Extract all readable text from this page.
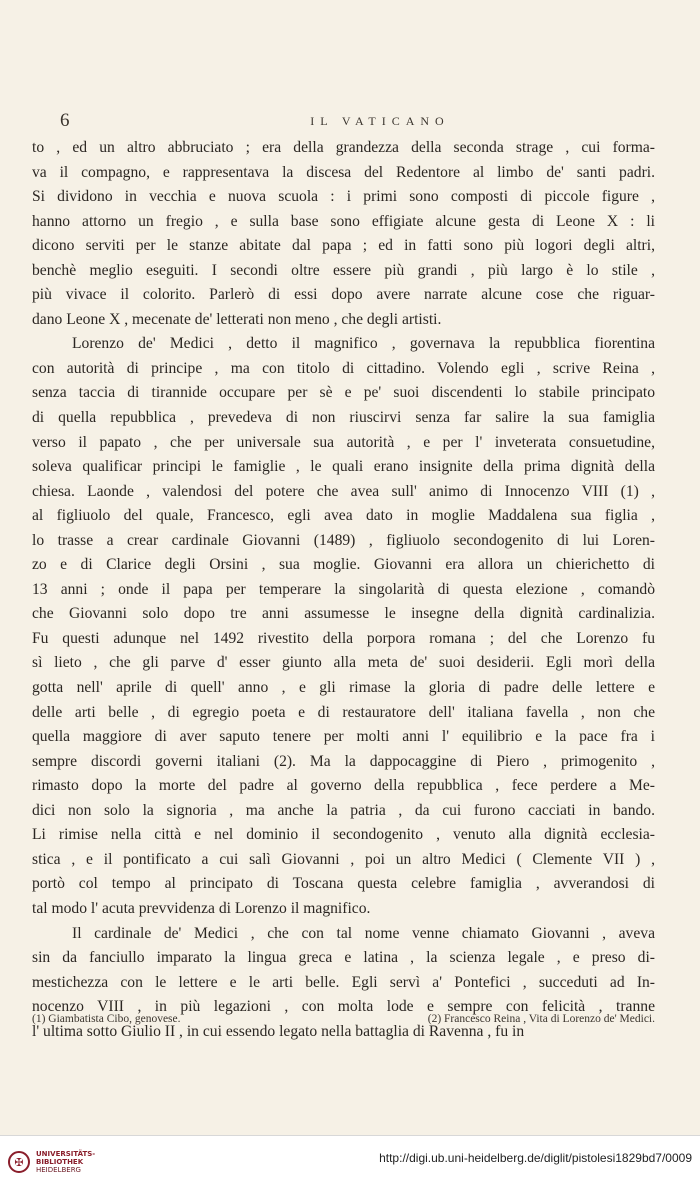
6	IL VATICANO
to , ed un altro abbruciato ; era della grandezza della seconda strage , cui forma-
va il compagno, e rappresentava la discesa del Redentore al limbo de' santi padri.
Si dividono in vecchia e nuova scuola : i primi sono composti di piccole figure ,
hanno attorno un fregio , e sulla base sono effigiate alcune gesta di Leone X : li
dicono serviti per le stanze abitate dal papa ; ed in fatti sono più logori degli altri,
benchè meglio eseguiti. I secondi oltre essere più grandi , più largo è lo stile ,
più vivace il colorito. Parlerò di essi dopo avere narrate alcune cose che riguar-
dano Leone X , mecenate de' letterati non meno , che degli artisti.
Lorenzo de' Medici , detto il magnifico , governava la repubblica fiorentina
con autorità di principe , ma con titolo di cittadino. Volendo egli , scrive Reina ,
senza taccia di tirannide occupare per sè e pe' suoi discendenti lo stabile principato
di quella repubblica , prevedeva di non riuscirvi senza far salire la sua famiglia
verso il papato , che per universale sua autorità , e per l' inveterata consuetudine,
soleva qualificar principi le famiglie , le quali erano insignite della prima dignità della
chiesa. Laonde , valendosi del potere che avea sull' animo di Innocenzo VIII (1) ,
al figliuolo del quale, Francesco, egli avea dato in moglie Maddalena sua figlia ,
lo trasse a crear cardinale Giovanni (1489) , figliuolo secondogenito di lui Loren-
zo e di Clarice degli Orsini , sua moglie. Giovanni era allora un chierichetto di
13 anni ; onde il papa per temperare la singolarità di questa elezione , comandò
che Giovanni solo dopo tre anni assumesse le insegne della dignità cardinalizia.
Fu questi adunque nel 1492 rivestito della porpora romana ; del che Lorenzo fu
sì lieto , che gli parve d' esser giunto alla meta de' suoi desiderii. Egli morì della
gotta nell' aprile di quell' anno , e gli rimase la gloria di padre delle lettere e
delle arti belle , di egregio poeta e di restauratore dell' italiana favella , non che
quella maggiore di aver saputo tenere per molti anni l' equilibrio e la pace fra i
sempre discordi governi italiani (2). Ma la dappocaggine di Piero , primogenito ,
rimasto dopo la morte del padre al governo della repubblica , fece perdere a Me-
dici non solo la signoria , ma anche la patria , da cui furono cacciati in bando.
Li rimise nella città e nel dominio il secondogenito , venuto alla dignità ecclesia-
stica , e il pontificato a cui salì Giovanni , poi un altro Medici ( Clemente VII ) ,
portò col tempo al principato di Toscana questa celebre famiglia , avverandosi di
tal modo l' acuta prevvidenza di Lorenzo il magnifico.
Il cardinale de' Medici , che con tal nome venne chiamato Giovanni , aveva
sin da fanciullo imparato la lingua greca e latina , la scienza legale , e preso di-
mestichezza con le lettere e le arti belle. Egli servì a' Pontefici , succeduti ad In-
nocenzo VIII , in più legazioni , con molta lode e sempre con felicità , tranne
l' ultima sotto Giulio II , in cui essendo legato nella battaglia di Ravenna , fu in
(1) Giambatista Cibo, genovese.	(2) Francesco Reina , Vita di Lorenzo de' Medici.
✠
UNIVERSITÄTS-
BIBLIOTHEK
HEIDELBERG
http://digi.ub.uni-heidelberg.de/diglit/pistolesi1829bd7/0009
